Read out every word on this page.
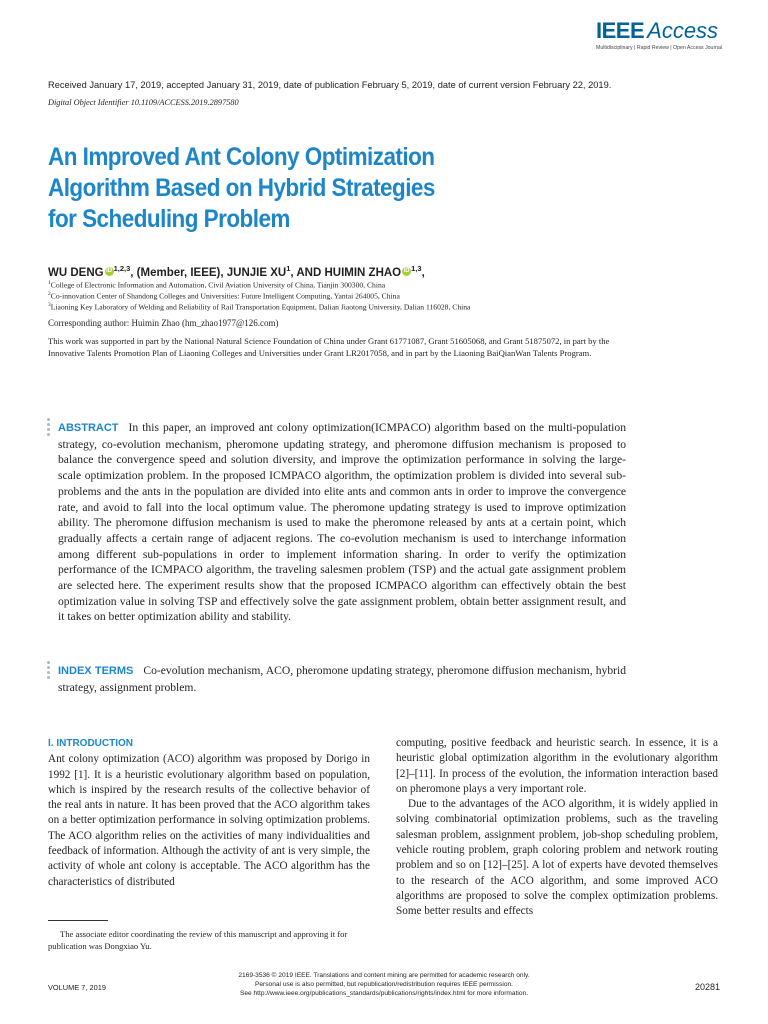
IEEE Access
Multidisciplinary | Rapid Review | Open Access Journal
Received January 17, 2019, accepted January 31, 2019, date of publication February 5, 2019, date of current version February 22, 2019.
Digital Object Identifier 10.1109/ACCESS.2019.2897580
An Improved Ant Colony Optimization
Algorithm Based on Hybrid Strategies
for Scheduling Problem
WU DENG iD $^{1,2,3}$, (Member, IEEE), JUNJIE $XU^1$, AND HUIMIN ZHAO iD $^{1,3}$,
$^1$College of Electronic Information and Automation, Civil Aviation University of China, Tianjin 300300, China
$^2$Co-innovation Center of Shandong Colleges and Universities: Future Intelligent Computing, Yantai 264005, China
$^3$Liaoning Key Laboratory of Welding and Reliability of Rail Transportation Equipment, Dalian Jiaotong University, Dalian 116028, China
Corresponding author: Huimin Zhao (hm_zhao1977@126.com)
This work was supported in part by the National Natural Science Foundation of China under Grant 61771087, Grant 51605068, and Grant 51875072, in part by the Innovative Talents Promotion Plan of Liaoning Colleges and Universities under Grant LR2017058, and in part by the Liaoning BaiQianWan Talents Program.
ABSTRACT In this paper, an improved ant colony optimization(ICMPACO) algorithm based on the multi-population strategy, co-evolution mechanism, pheromone updating strategy, and pheromone diffusion mechanism is proposed to balance the convergence speed and solution diversity, and improve the optimization performance in solving the large-scale optimization problem. In the proposed ICMPACO algorithm, the optimization problem is divided into several sub-problems and the ants in the population are divided into elite ants and common ants in order to improve the convergence rate, and avoid to fall into the local optimum value. The pheromone updating strategy is used to improve optimization ability. The pheromone diffusion mechanism is used to make the pheromone released by ants at a certain point, which gradually affects a certain range of adjacent regions. The co-evolution mechanism is used to interchange information among different sub-populations in order to implement information sharing. In order to verify the optimization performance of the ICMPACO algorithm, the traveling salesmen problem (TSP) and the actual gate assignment problem are selected here. The experiment results show that the proposed ICMPACO algorithm can effectively obtain the best optimization value in solving TSP and effectively solve the gate assignment problem, obtain better assignment result, and it takes on better optimization ability and stability.
INDEX TERMS Co-evolution mechanism, ACO, pheromone updating strategy, pheromone diffusion mechanism, hybrid strategy, assignment problem.
I. INTRODUCTION

Ant colony optimization (ACO) algorithm was proposed by Dorigo in 1992 [1]. It is a heuristic evolutionary algorithm based on population, which is inspired by the research results of the collective behavior of the real ants in nature. It has been proved that the ACO algorithm takes on a better optimization performance in solving optimization problems. The ACO algorithm relies on the activities of many individualities and feedback of information. Although the activity of ant is very simple, the activity of whole ant colony is acceptable. The ACO algorithm has the characteristics of distributed

computing, positive feedback and heuristic search. In essence, it is a heuristic global optimization algorithm in the evolutionary algorithm [2]–[11]. In process of the evolution, the information interaction based on pheromone plays a very important role.

Due to the advantages of the ACO algorithm, it is widely applied in solving combinatorial optimization problems, such as the traveling salesman problem, assignment problem, job-shop scheduling problem, vehicle routing problem, graph coloring problem and network routing problem and so on [12]–[25]. A lot of experts have devoted themselves to the research of the ACO algorithm, and some improved ACO algorithms are proposed to solve the complex optimization problems. Some better results and effects

The associate editor coordinating the review of this manuscript and approving it for publication was Dongxiao Yu.
VOLUME 7, 2019
2169-3536 © 2019 IEEE. Translations and content mining are permitted for academic research only.
Personal use is also permitted, but republication/redistribution requires IEEE permission.
See http://www.ieee.org/publications_standards/publications/rights/index.html for more information.
20281
